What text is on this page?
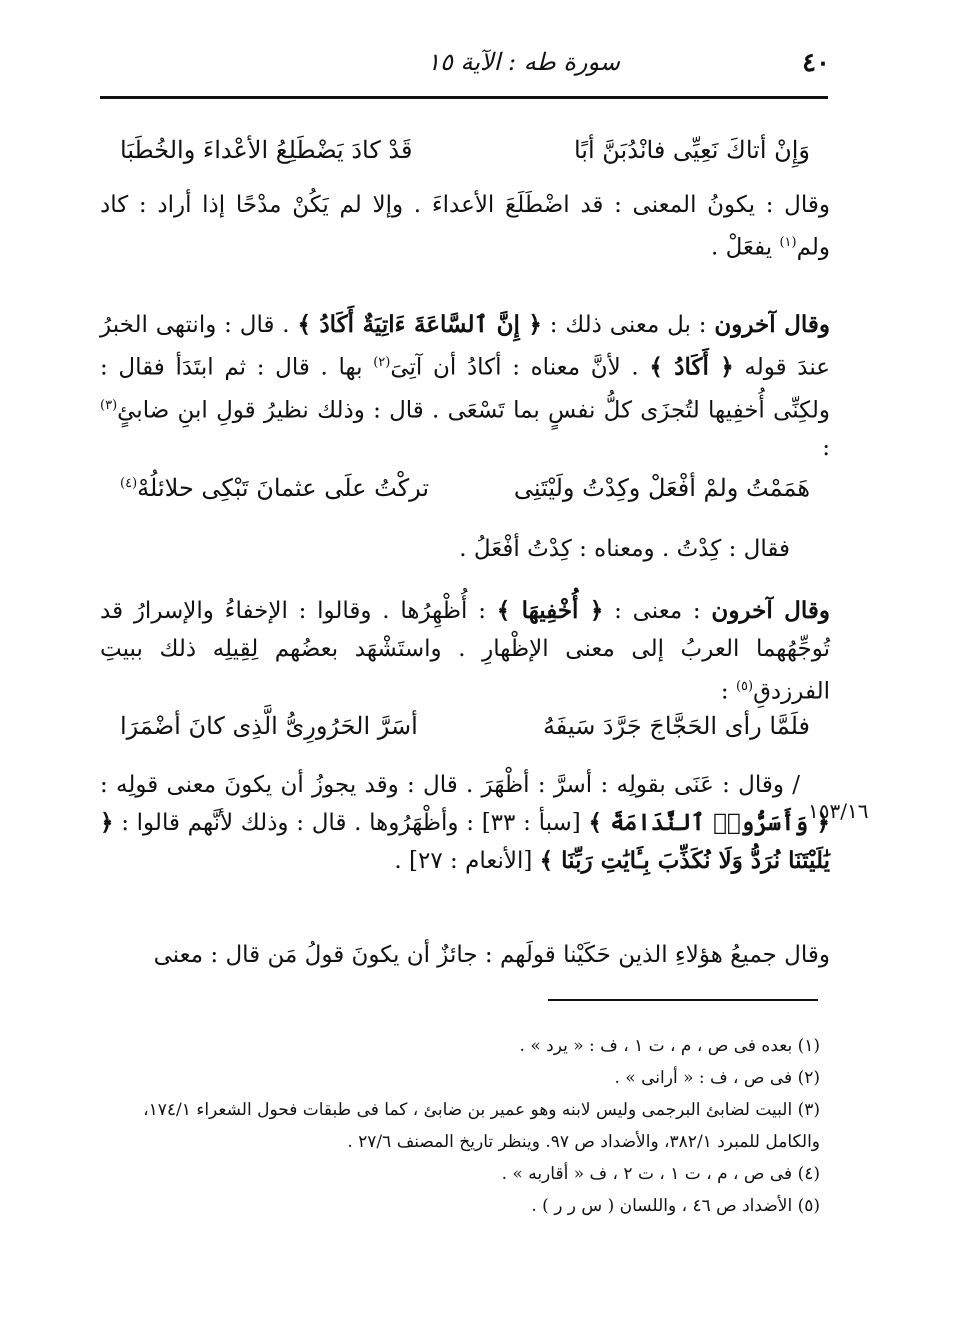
٤٠
سورة طه : الآية ١٥
وَإِنْ أتاكَ نَعِيِّى فانْدُبَنَّ أبًا
قَدْ كادَ يَضْطَلِعُ الأعْداءَ والخُطَبَا

وقال : يكونُ المعنى : قد اضْطَلَعَ الأعداءَ . وإلا لم يَكُنْ مدْحًا إذا أراد : كاد ولم$^{(١)}$ يفعَلْ .

وقال آخرون : بل معنى ذلك : ﴿ إِنَّ ٱلسَّاعَةَ ءَاتِيَةٌ أَكَادُ ﴾ . قال : وانتهى الخبرُ عندَ قوله ﴿ أَكَادُ ﴾ . لأنَّ معناه : أكادُ أن آتِىَ$^{(٢)}$ بها . قال : ثم ابتَدَأ فقال : ولكِنِّى أُخفِيها لتُجزَى كلُّ نفسٍ بما تَسْعَى . قال : وذلك نظيرُ قولِ ابنِ ضابئٍ$^{(٣)}$ :

هَمَمْتُ ولمْ أفْعَلْ وكِدْتُ ولَيْتَنِى
تركْتُ علَى عثمانَ تَبْكِى حلائلُهْ$^{(٤)}$

فقال : كِدْتُ . ومعناه : كِدْتُ أفْعَلُ .

وقال آخرون : معنى : ﴿ أُخْفِيهَا ﴾ : أُظْهِرُها . وقالوا : الإخفاءُ والإسرارُ قد تُوجِّهُهما العربُ إلى معنى الإظْهارِ . واستَشْهَد بعضُهم لِقِيلِه ذلك ببيتِ الفرزدقِ$^{(٥)}$ :

فلَمَّا رأى الحَجَّاجَ جَرَّدَ سَيفَهُ
أسَرَّ الحَرُورِىُّ الَّذِى كانَ أضْمَرَا
١٥٣/١٦

/ وقال : عَنَى بقولِه : أسرَّ : أظْهَرَ . قال : وقد يجوزُ أن يكونَ معنى قولِه : ﴿ وَأَسَرُّوا۟ ٱلنَّدَامَةَ ﴾ [سبأ : ٣٣] : وأظْهَرُوها . قال : وذلك لأنَّهم قالوا : ﴿ يَٰلَيْتَنَا نُرَدُّ وَلَا نُكَذِّبَ بِـَٔايَٰتِ رَبِّنَا ﴾ [الأنعام : ٢٧] .

وقال جميعُ هؤلاءِ الذين حَكَيْنا قولَهم : جائزٌ أن يكونَ قولُ مَن قال : معنى

(١) بعده فى ص ، م ، ت ١ ، ف : « يرد » .

(٢) فى ص ، ف : « أرانى » .

(٣) البيت لضابئ البرجمى وليس لابنه وهو عمير بن ضابئ ، كما فى طبقات فحول الشعراء ١٧٤/١،

والكامل للمبرد ٣٨٢/١، والأضداد ص ٩٧. وينظر تاريخ المصنف ٢٧/٦ .

(٤) فى ص ، م ، ت ١ ، ت ٢ ، ف « أقاربه » .

(٥) الأضداد ص ٤٦ ، واللسان ( س ر ر ) .
